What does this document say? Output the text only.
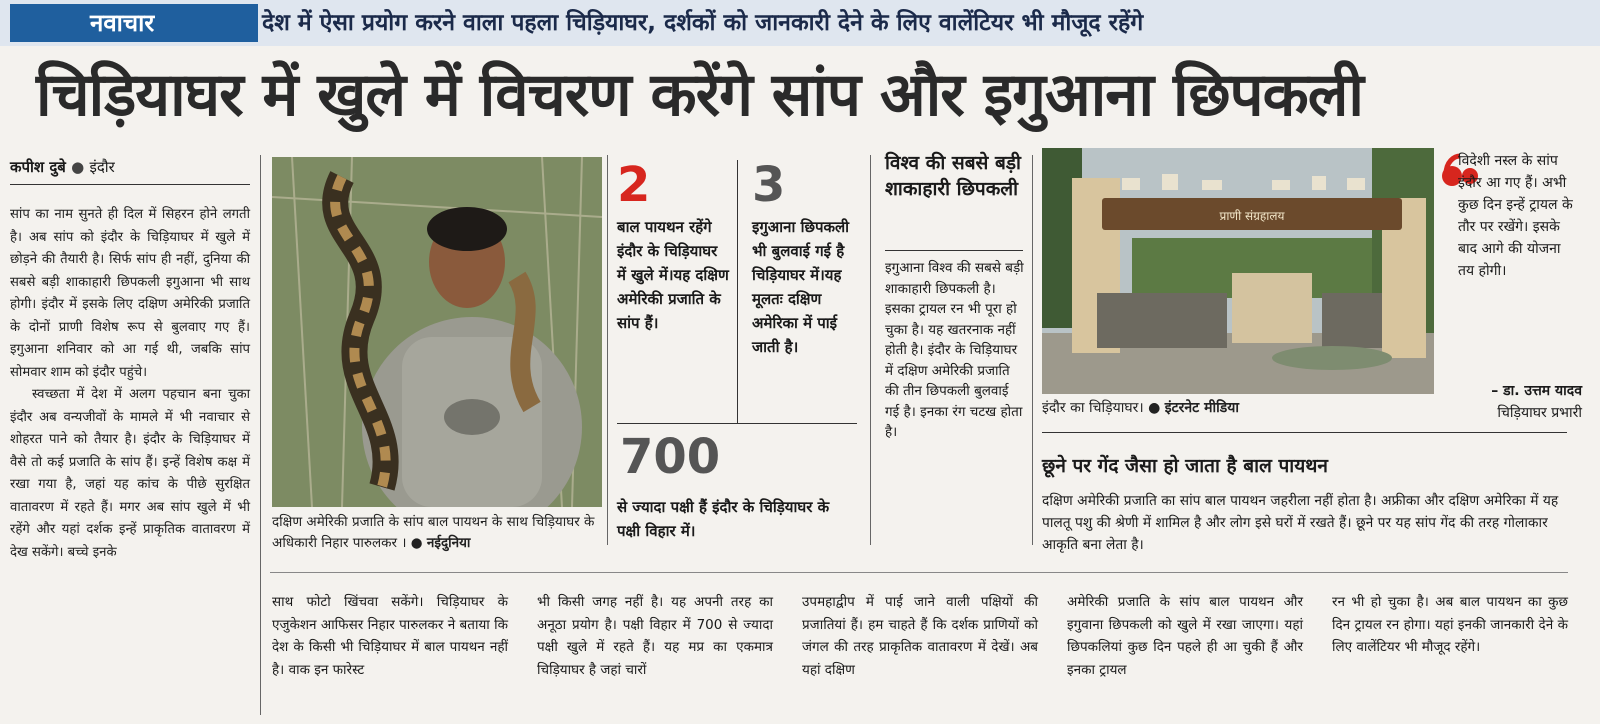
नवाचार	देश में ऐसा प्रयोग करने वाला पहला चिड़ियाघर, दर्शकों को जानकारी देने के लिए वालेंटियर भी मौजूद रहेंगे
चिड़ियाघर में खुले में विचरण करेंगे सांप और इगुआना छिपकली
कपीश दुबे ● इंदौर

सांप का नाम सुनते ही दिल में सिहरन होने लगती है। अब सांप को इंदौर के चिड़ियाघर में खुले में छोड़ने की तैयारी है। सिर्फ सांप ही नहीं, दुनिया की सबसे बड़ी शाकाहारी छिपकली इगुआना भी साथ होगी। इंदौर में इसके लिए दक्षिण अमेरिकी प्रजाति के दोनों प्राणी विशेष रूप से बुलवाए गए हैं। इगुआना शनिवार को आ गई थी, जबकि सांप सोमवार शाम को इंदौर पहुंचे।

स्वच्छता में देश में अलग पहचान बना चुका इंदौर अब वन्यजीवों के मामले में भी नवाचार से शोहरत पाने को तैयार है। इंदौर के चिड़ियाघर में वैसे तो कई प्रजाति के सांप हैं। इन्हें विशेष कक्ष में रखा गया है, जहां यह कांच के पीछे सुरक्षित वातावरण में रहते हैं। मगर अब सांप खुले में भी रहेंगे और यहां दर्शक इन्हें प्राकृतिक वातावरण में देख सकेंगे। बच्चे इनके

दक्षिण अमेरिकी प्रजाति के सांप बाल पायथन के साथ चिड़ियाघर के अधिकारी निहार पारुलकर । ● नईदुनिया
2
बाल पायथन रहेंगे इंदौर के चिड़ियाघर में खुले में।यह दक्षिण अमेरिकी प्रजाति के सांप हैं।
3
इगुआना छिपकली भी बुलवाई गई है चिड़ियाघर में।यह मूलतः दक्षिण अमेरिका में पाई जाती है।
700
से ज्यादा पक्षी हैं इंदौर के चिड़ियाघर के पक्षी विहार में।
विश्व की सबसे बड़ी शाकाहारी छिपकली
इगुआना विश्व की सबसे बड़ी शाकाहारी छिपकली है। इसका ट्रायल रन भी पूरा हो चुका है। यह खतरनाक नहीं होती है। इंदौर के चिड़ियाघर में दक्षिण अमेरिकी प्रजाति की तीन छिपकली बुलवाई गई है। इनका रंग चटख होता है।
प्राणी संग्रहालय
इंदौर का चिड़ियाघर। ● इंटरनेट मीडिया
विदेशी नस्ल के सांप इंदौर आ गए हैं। अभी कुछ दिन इन्हें ट्रायल के तौर पर रखेंगे। इसके बाद आगे की योजना तय होगी।
– डा. उत्तम यादव
चिड़ियाघर प्रभारी
छूने पर गेंद जैसा हो जाता है बाल पायथन
दक्षिण अमेरिकी प्रजाति का सांप बाल पायथन जहरीला नहीं होता है। अफ्रीका और दक्षिण अमेरिका में यह पालतू पशु की श्रेणी में शामिल है और लोग इसे घरों में रखते हैं। छूने पर यह सांप गेंद की तरह गोलाकार आकृति बना लेता है।
साथ फोटो खिंचवा सकेंगे। चिड़ियाघर के एजुकेशन आफिसर निहार पारुलकर ने बताया कि देश के किसी भी चिड़ियाघर में बाल पायथन नहीं है। वाक इन फारेस्ट
भी किसी जगह नहीं है। यह अपनी तरह का अनूठा प्रयोग है। पक्षी विहार में 700 से ज्यादा पक्षी खुले में रहते हैं। यह मप्र का एकमात्र चिड़ियाघर है जहां चारों
उपमहाद्वीप में पाई जाने वाली पक्षियों की प्रजातियां हैं। हम चाहते हैं कि दर्शक प्राणियों को जंगल की तरह प्राकृतिक वातावरण में देखें। अब यहां दक्षिण
अमेरिकी प्रजाति के सांप बाल पायथन और इगुवाना छिपकली को खुले में रखा जाएगा। यहां छिपकलियां कुछ दिन पहले ही आ चुकी हैं और इनका ट्रायल
रन भी हो चुका है। अब बाल पायथन का कुछ दिन ट्रायल रन होगा। यहां इनकी जानकारी देने के लिए वालेंटियर भी मौजूद रहेंगे।
